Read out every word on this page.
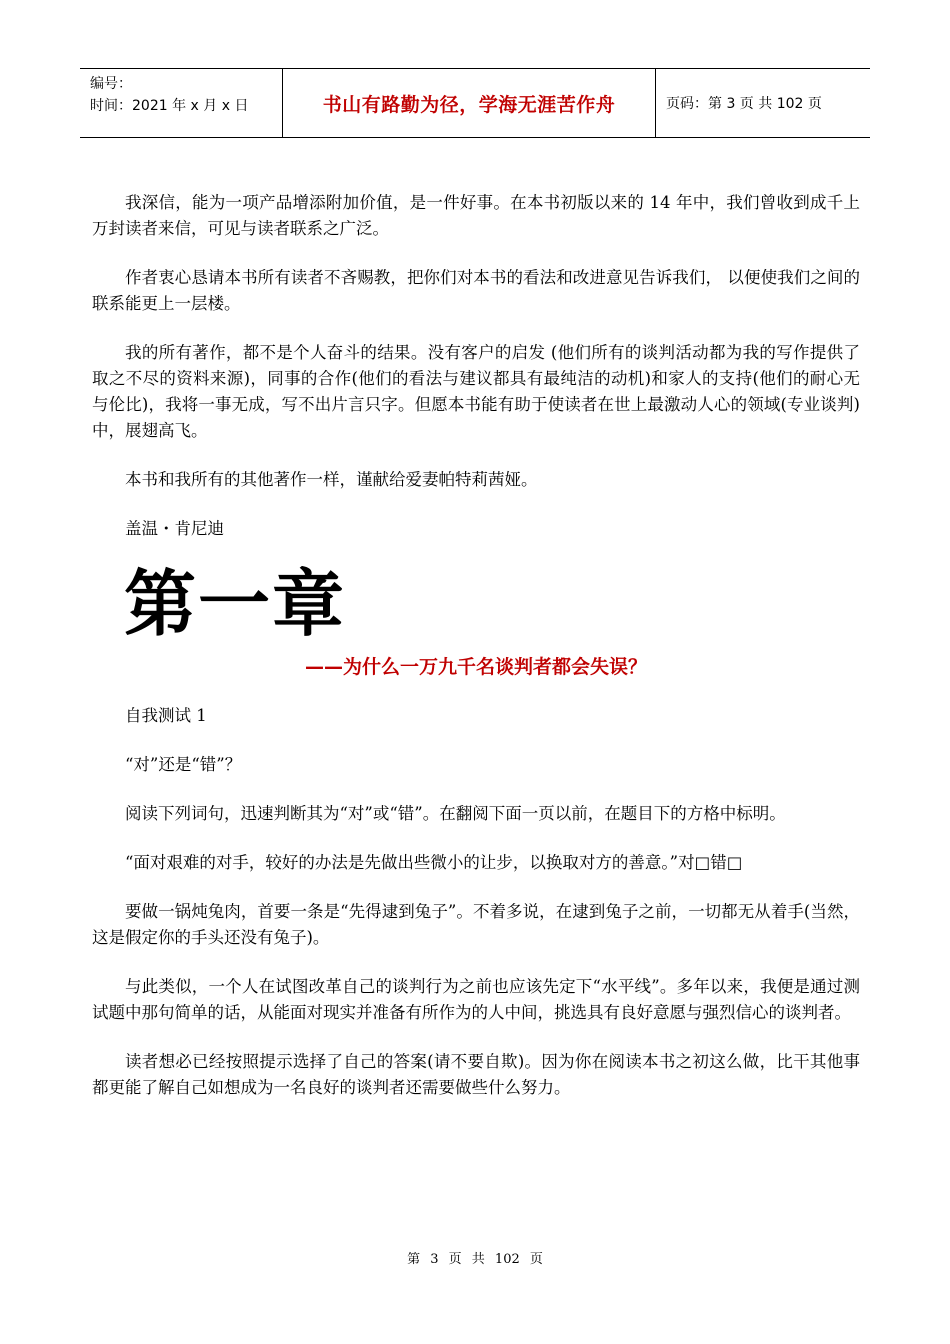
编号：
时间：2021 年 x 月 x 日	书山有路勤为径，学海无涯苦作舟	页码：第 3 页 共 102 页

我深信，能为一项产品增添附加价值，是一件好事。在本书初版以来的 14 年中，我们曾收到成千上万封读者来信，可见与读者联系之广泛。

作者衷心恳请本书所有读者不吝赐教，把你们对本书的看法和改进意见告诉我们， 以便使我们之间的联系能更上一层楼。

我的所有著作，都不是个人奋斗的结果。没有客户的启发 (他们所有的谈判活动都为我的写作提供了取之不尽的资料来源)，同事的合作(他们的看法与建议都具有最纯洁的动机)和家人的支持(他们的耐心无与伦比)，我将一事无成，写不出片言只字。但愿本书能有助于使读者在世上最激动人心的领域(专业谈判)中，展翅高飞。

本书和我所有的其他著作一样，谨献给爱妻帕特莉茜娅。

盖温・肯尼迪

第一章
——为什么一万九千名谈判者都会失误？

自我测试 1

“对”还是“错”？

阅读下列词句，迅速判断其为“对”或“错”。在翻阅下面一页以前，在题目下的方格中标明。

“面对艰难的对手，较好的办法是先做出些微小的让步，以换取对方的善意。”对□错□

要做一锅炖兔肉，首要一条是“先得逮到兔子”。不着多说，在逮到兔子之前，一切都无从着手(当然，这是假定你的手头还没有兔子)。

与此类似，一个人在试图改革自己的谈判行为之前也应该先定下“水平线”。多年以来，我便是通过测试题中那句简单的话，从能面对现实并准备有所作为的人中间，挑选具有良好意愿与强烈信心的谈判者。

读者想必已经按照提示选择了自己的答案(请不要自欺)。因为你在阅读本书之初这么做，比干其他事都更能了解自己如想成为一名良好的谈判者还需要做些什么努力。

第 3 页 共 102 页
